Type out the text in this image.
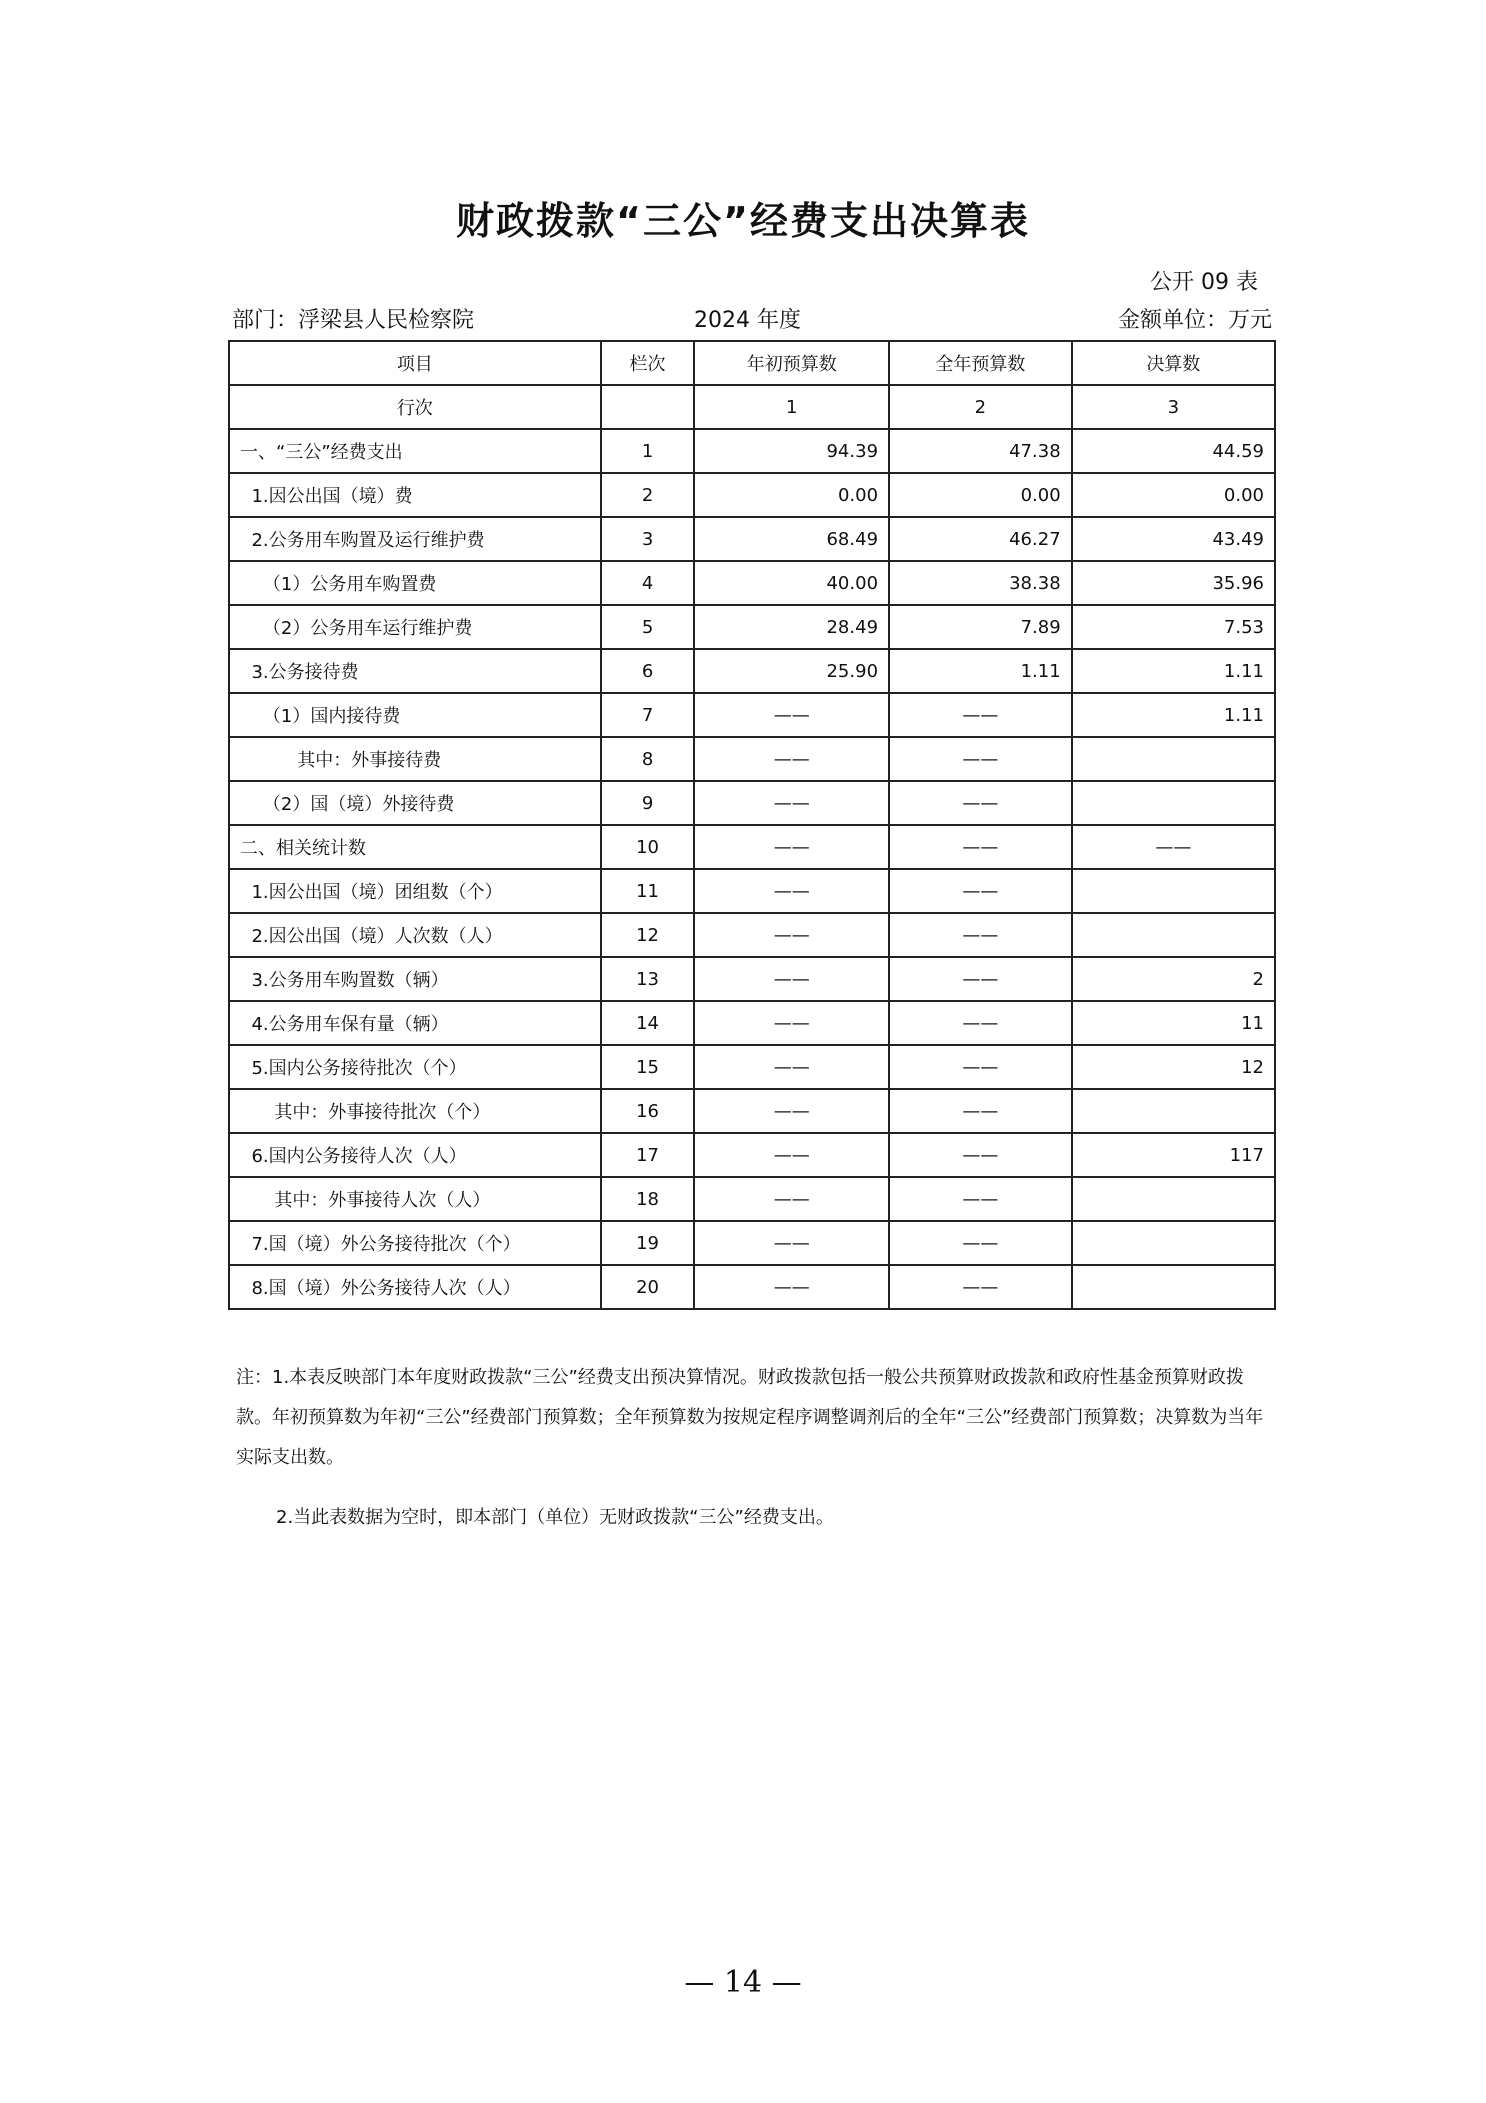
财政拨款“三公”经费支出决算表
公开 09 表
部门：浮梁县人民检察院	2024 年度	金额单位：万元
项目	栏次	年初预算数	全年预算数	决算数
行次		1	2	3
一、“三公”经费支出	1	94.39	47.38	44.59
1.因公出国（境）费	2	0.00	0.00	0.00
2.公务用车购置及运行维护费	3	68.49	46.27	43.49
（1）公务用车购置费	4	40.00	38.38	35.96
（2）公务用车运行维护费	5	28.49	7.89	7.53
3.公务接待费	6	25.90	1.11	1.11
（1）国内接待费	7	——	——	1.11
其中：外事接待费	8	——	——	
（2）国（境）外接待费	9	——	——	
二、相关统计数	10	——	——	——
1.因公出国（境）团组数（个）	11	——	——	
2.因公出国（境）人次数（人）	12	——	——	
3.公务用车购置数（辆）	13	——	——	2
4.公务用车保有量（辆）	14	——	——	11
5.国内公务接待批次（个）	15	——	——	12
其中：外事接待批次（个）	16	——	——	
6.国内公务接待人次（人）	17	——	——	117
其中：外事接待人次（人）	18	——	——	
7.国（境）外公务接待批次（个）	19	——	——	
8.国（境）外公务接待人次（人）	20	——	——	

注：1.本表反映部门本年度财政拨款“三公”经费支出预决算情况。财政拨款包括一般公共预算财政拨款和政府性基金预算财政拨款。年初预算数为年初“三公”经费部门预算数；全年预算数为按规定程序调整调剂后的全年“三公”经费部门预算数；决算数为当年实际支出数。

2.当此表数据为空时，即本部门（单位）无财政拨款“三公”经费支出。

— 14 —
